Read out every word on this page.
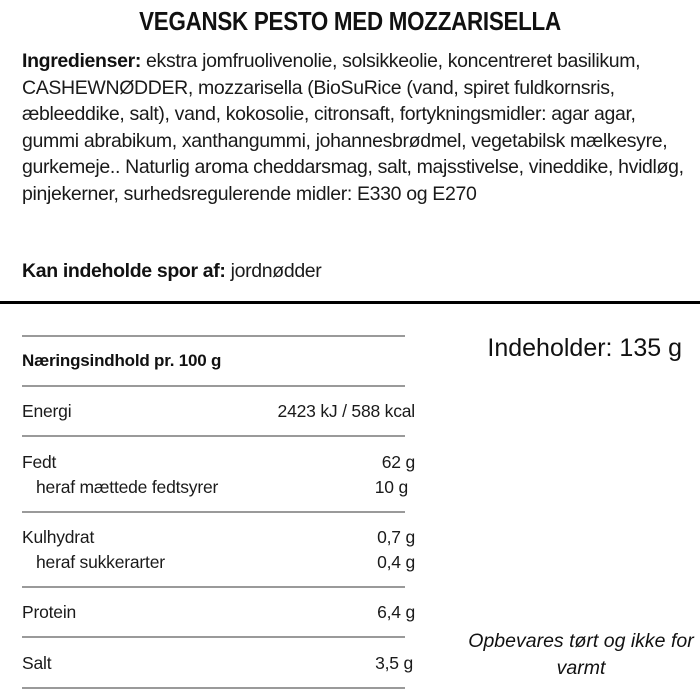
VEGANSK PESTO MED MOZZARISELLA
Ingredienser: ekstra jomfruolivenolie, solsikkeolie, koncentreret basilikum, CASHEWNØDDER, mozzarisella (BioSuRice (vand, spiret fuldkornsris, æbleeddike, salt), vand, kokosolie, citronsaft, fortykningsmidler: agar agar, gummi abrabikum, xanthangummi, johannesbrødmel, vegetabilsk mælkesyre, gurkemeje.. Naturlig aroma cheddarsmag, salt, majsstivelse, vineddike, hvidløg, pinjekerner, surhedsregulerende midler: E330 og E270
Kan indeholde spor af: jordnødder
Næringsindhold pr. 100 g
Energi	2423 kJ / 588 kcal
Fedt	62 g
heraf mættede fedtsyrer	10 g
Kulhydrat	0,7 g
heraf sukkerarter	0,4 g
Protein	6,4 g
Salt	3,5 g
Indeholder: 135 g
Opbevares tørt og ikke for varmt
